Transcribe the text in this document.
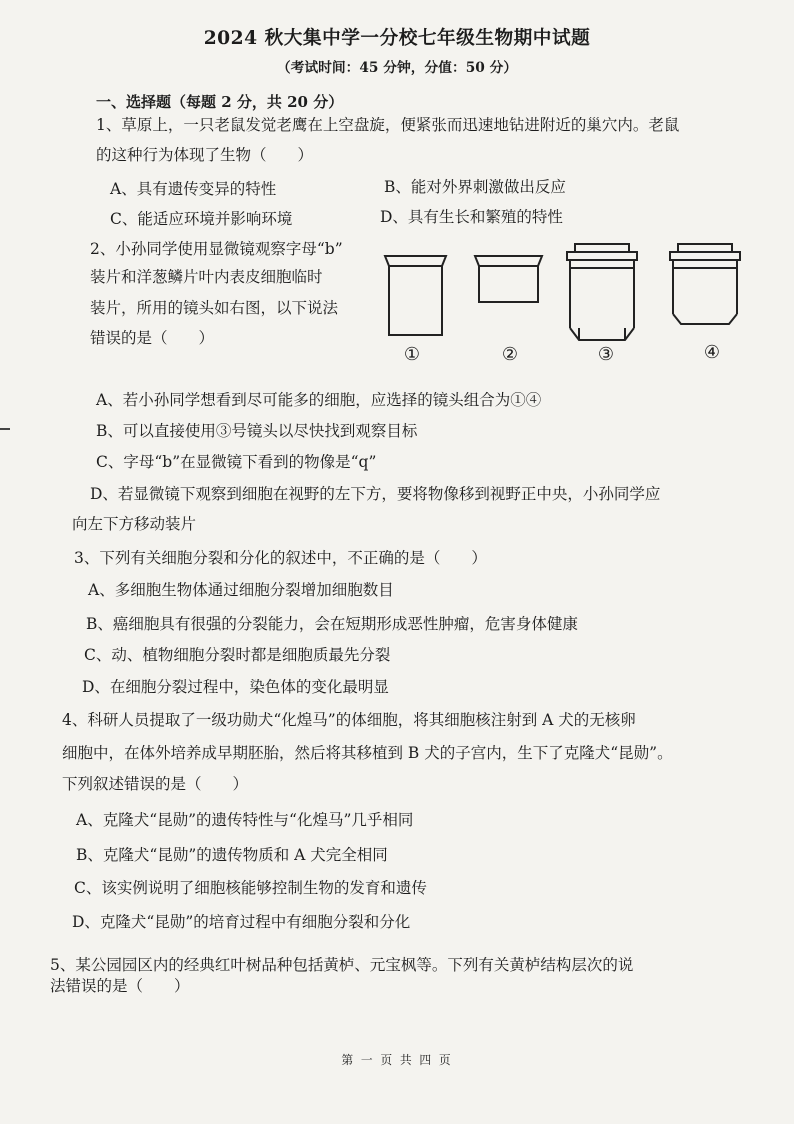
2024 秋大集中学一分校七年级生物期中试题
（考试时间：45 分钟，分值：50 分）
一、选择题（每题 2 分，共 20 分）
1、草原上，一只老鼠发觉老鹰在上空盘旋，便紧张而迅速地钻进附近的巢穴内。老鼠
的这种行为体现了生物（　　）
A、具有遗传变异的特性	B、能对外界刺激做出反应
C、能适应环境并影响环境	D、具有生长和繁殖的特性
2、小孙同学使用显微镜观察字母“b”
装片和洋葱鳞片叶内表皮细胞临时
装片，所用的镜头如右图，以下说法
错误的是（　　）
①	②	③	④
A、若小孙同学想看到尽可能多的细胞，应选择的镜头组合为①④
B、可以直接使用③号镜头以尽快找到观察目标
C、字母“b”在显微镜下看到的物像是“q”
D、若显微镜下观察到细胞在视野的左下方，要将物像移到视野正中央，小孙同学应
向左下方移动装片
3、下列有关细胞分裂和分化的叙述中，不正确的是（　　）
A、多细胞生物体通过细胞分裂增加细胞数目
B、癌细胞具有很强的分裂能力，会在短期形成恶性肿瘤，危害身体健康
C、动、植物细胞分裂时都是细胞质最先分裂
D、在细胞分裂过程中，染色体的变化最明显
4、科研人员提取了一级功勋犬“化煌马”的体细胞，将其细胞核注射到 A 犬的无核卵
细胞中，在体外培养成早期胚胎，然后将其移植到 B 犬的子宫内，生下了克隆犬“昆勋”。
下列叙述错误的是（　　）
A、克隆犬“昆勋”的遗传特性与“化煌马”几乎相同
B、克隆犬“昆勋”的遗传物质和 A 犬完全相同
C、该实例说明了细胞核能够控制生物的发育和遗传
D、克隆犬“昆勋”的培育过程中有细胞分裂和分化
5、某公园园区内的经典红叶树品种包括黄栌、元宝枫等。下列有关黄栌结构层次的说
法错误的是（　　）
第 一 页 共 四 页
